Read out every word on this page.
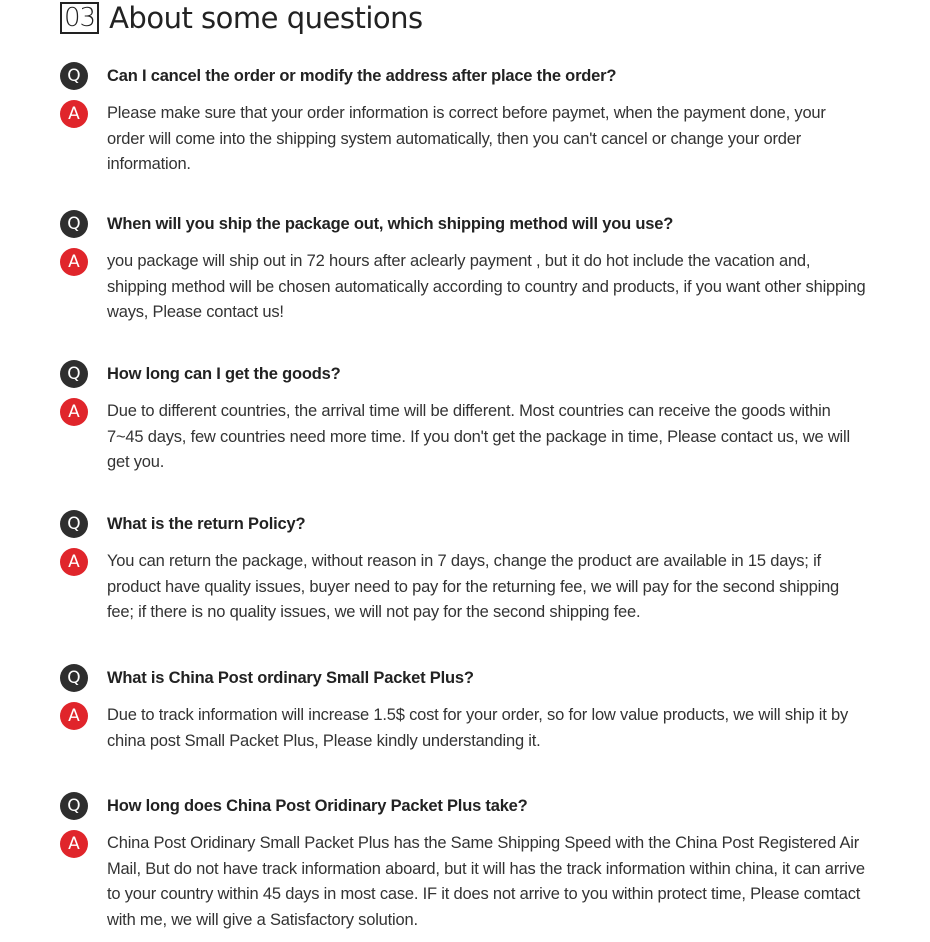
03 About some questions
Q	Can I cancel the order or modify the address after place the order?
A	Please make sure that your order information is correct before paymet, when the payment done, your order will come into the shipping system automatically, then you can't cancel or change your order information.
Q	When will you ship the package out, which shipping method will you use?
A	you package will ship out in 72 hours after aclearly payment , but it do hot include the vacation and, shipping method will be chosen automatically according to country and products, if you want other shipping ways, Please contact us!
Q	How long can I get the goods?
A	Due to different countries, the arrival time will be different. Most countries can receive the goods within 7~45 days, few countries need more time. If you don't get the package in time, Please contact us, we will get you.
Q	What is the return Policy?
A	You can return the package, without reason in 7 days, change the product are available in 15 days; if product have quality issues, buyer need to pay for the returning fee, we will pay for the second shipping fee; if there is no quality issues, we will not pay for the second shipping fee.
Q	What is China Post ordinary Small Packet Plus?
A	Due to track information will increase 1.5$ cost for your order, so for low value products, we will ship it by china post Small Packet Plus, Please kindly understanding it.
Q	How long does China Post Oridinary Packet Plus take?
A	China Post Oridinary Small Packet Plus has the Same Shipping Speed with the China Post Registered Air Mail, But do not have track information aboard, but it will has the track information within china, it can arrive to your country within 45 days in most case. IF it does not arrive to you within protect time, Please comtact with me, we will give a Satisfactory solution.
